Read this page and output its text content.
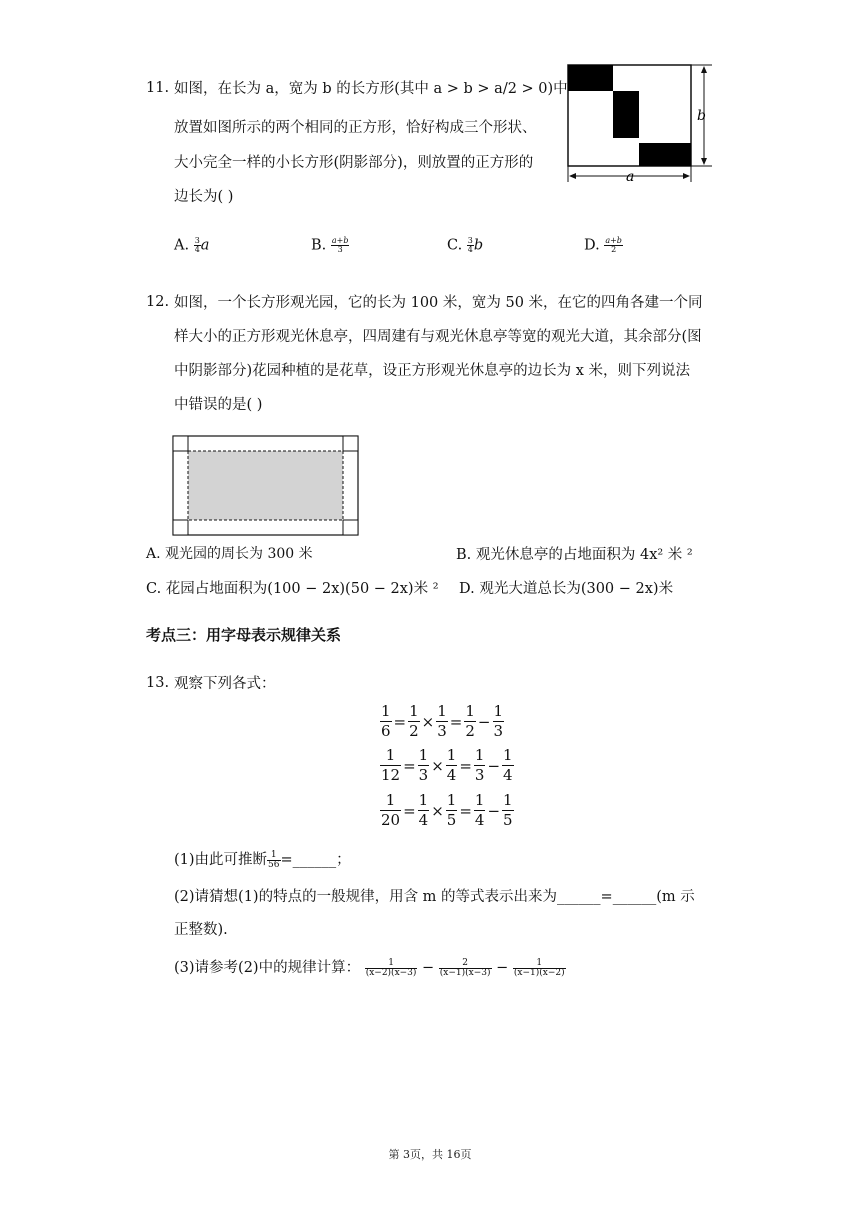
11. 如图，在长为 a，宽为 b 的长方形(其中 a > b > a/2 > 0)中
放置如图所示的两个相同的正方形，恰好构成三个形状、
大小完全一样的小长方形(阴影部分)，则放置的正方形的
边长为( )
b
a
A. $\frac{3}{4}$ a	B. $\frac{a+b}{3}$	C. $\frac{3}{4}$ b	D. $\frac{a+b}{2}$
12. 如图，一个长方形观光园，它的长为 100 米，宽为 50 米，在它的四角各建一个同
样大小的正方形观光休息亭，四周建有与观光休息亭等宽的观光大道，其余部分(图
中阴影部分)花园种植的是花草，设正方形观光休息亭的边长为 x 米，则下列说法
中错误的是( )
A. 观光园的周长为 300 米	B. 观光休息亭的占地面积为 4x² 米 ²
C. 花园占地面积为(100 − 2x)(50 − 2x)米 ² D. 观光大道总长为(300 − 2x)米
考点三：用字母表示规律关系
13. 观察下列各式：
$\frac{1}{6} = \frac{1}{2} \times \frac{1}{3} = \frac{1}{2} - \frac{1}{3}$
$\frac{1}{12} = \frac{1}{3} \times \frac{1}{4} = \frac{1}{3} - \frac{1}{4}$
$\frac{1}{20} = \frac{1}{4} \times \frac{1}{5} = \frac{1}{4} - \frac{1}{5}$
(1)由此可推断 $\frac{1}{56}$ =______；
(2)请猜想(1)的特点的一般规律，用含 m 的等式表示出来为______=______(m 示
正整数).
(3)请参考(2)中的规律计算： $\frac{1}{(x-2)(x-3)} - \frac{2}{(x-1)(x-3)} - \frac{1}{(x-1)(x-2)}$
第 3页，共 16页
